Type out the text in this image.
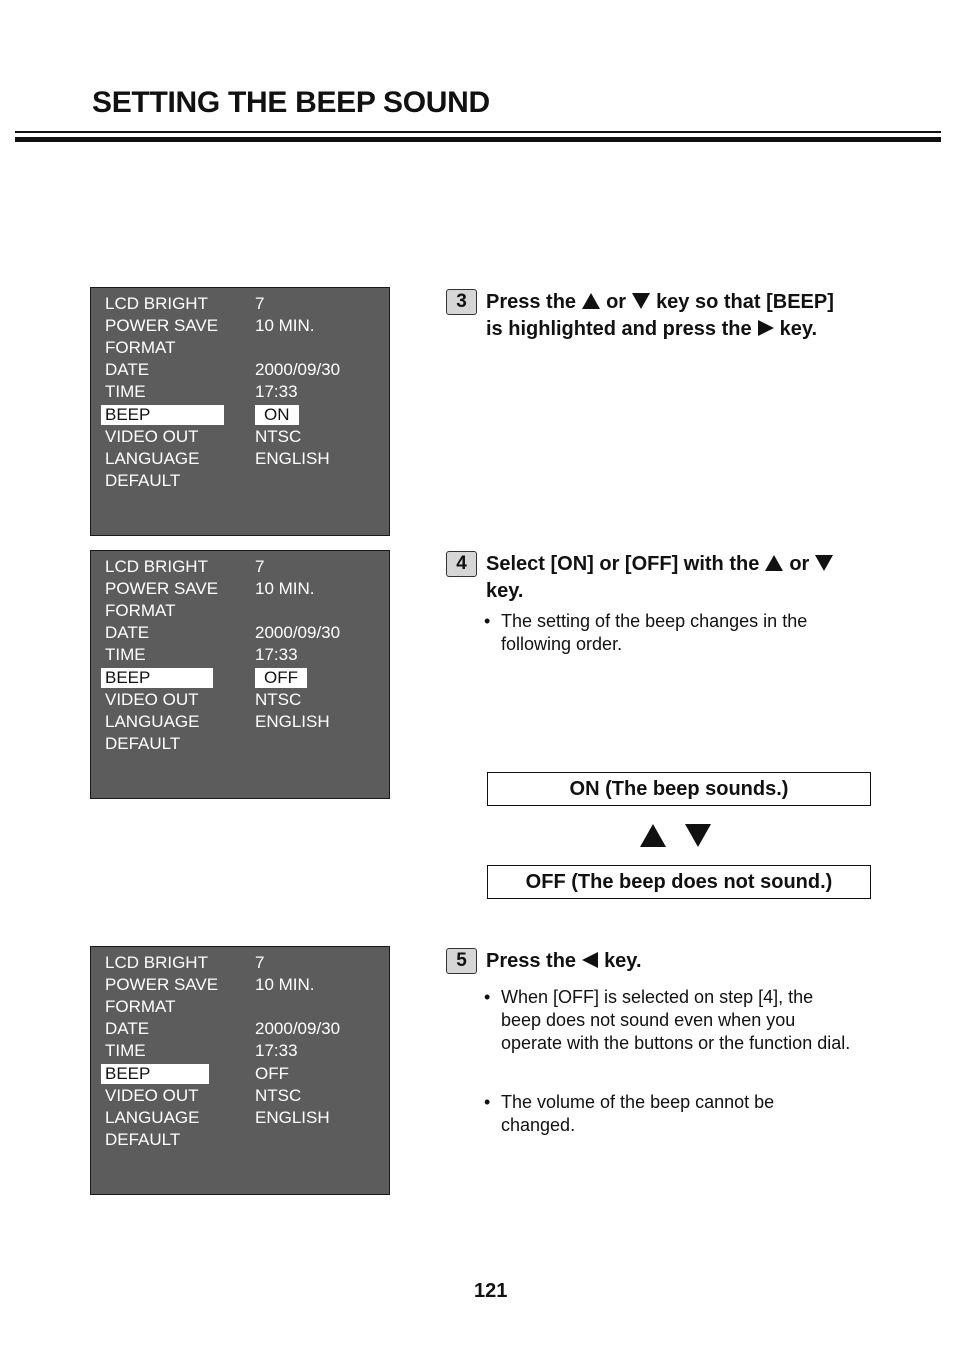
SETTING THE BEEP SOUND
LCD BRIGHT	7
POWER SAVE 10 MIN.
FORMAT
DATE	2000/09/30
TIME	17:33
BEEP	ON
VIDEO OUT	NTSC
LANGUAGE	ENGLISH
DEFAULT
LCD BRIGHT	7
POWER SAVE 10 MIN.
FORMAT
DATE	2000/09/30
TIME	17:33
BEEP	OFF
VIDEO OUT	NTSC
LANGUAGE	ENGLISH
DEFAULT
LCD BRIGHT	7
POWER SAVE 10 MIN.
FORMAT
DATE	2000/09/30
TIME	17:33
BEEP	OFF
VIDEO OUT	NTSC
LANGUAGE	ENGLISH
DEFAULT
3 Press the or key so that [BEEP]
is highlighted and press the key.
4 Select [ON] or [OFF] with the or
key.
• The setting of the beep changes in the
following order.
ON (The beep sounds.)
OFF (The beep does not sound.)
5 Press the key.
• When [OFF] is selected on step [4], the
beep does not sound even when you
operate with the buttons or the function dial.
• The volume of the beep cannot be
changed.
121
